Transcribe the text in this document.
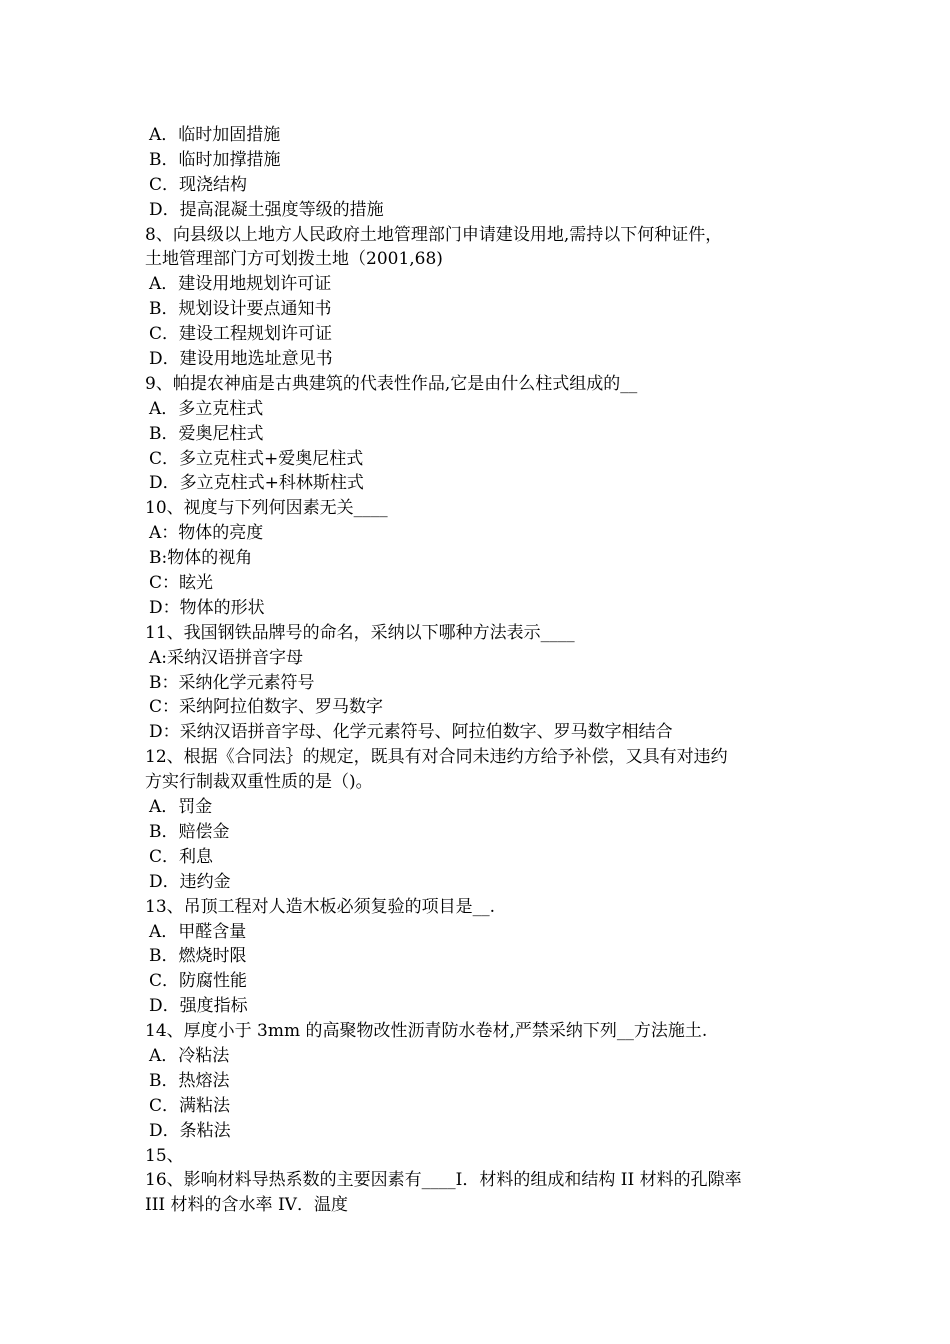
A．临时加固措施
B．临时加撑措施
C．现浇结构
D．提高混凝土强度等级的措施
8、向县级以上地方人民政府土地管理部门申请建设用地,需持以下何种证件，
土地管理部门方可划拨土地（2001,68)
A．建设用地规划许可证
B．规划设计要点通知书
C．建设工程规划许可证
D．建设用地选址意见书
9、帕提农神庙是古典建筑的代表性作品,它是由什么柱式组成的__
A．多立克柱式
B．爱奥尼柱式
C．多立克柱式+爱奥尼柱式
D．多立克柱式+科林斯柱式
10、视度与下列何因素无关____
A：物体的亮度
B:物体的视角
C：眩光
D：物体的形状
11、我国钢铁品牌号的命名，采纳以下哪种方法表示____
A:采纳汉语拼音字母
B：采纳化学元素符号
C：采纳阿拉伯数字、罗马数字
D：采纳汉语拼音字母、化学元素符号、阿拉伯数字、罗马数字相结合
12、根据《合同法｝的规定，既具有对合同未违约方给予补偿，又具有对违约
方实行制裁双重性质的是（)。
A．罚金
B．赔偿金
C．利息
D．违约金
13、吊顶工程对人造木板必须复验的项目是__.
A．甲醛含量
B．燃烧时限
C．防腐性能
D．强度指标
14、厚度小于 3mm 的高聚物改性沥青防水卷材,严禁采纳下列__方法施土.
A．冷粘法
B．热熔法
C．满粘法
D．条粘法
15、
16、影响材料导热系数的主要因素有____I．材料的组成和结构 II 材料的孔隙率
III 材料的含水率 IV．温度
